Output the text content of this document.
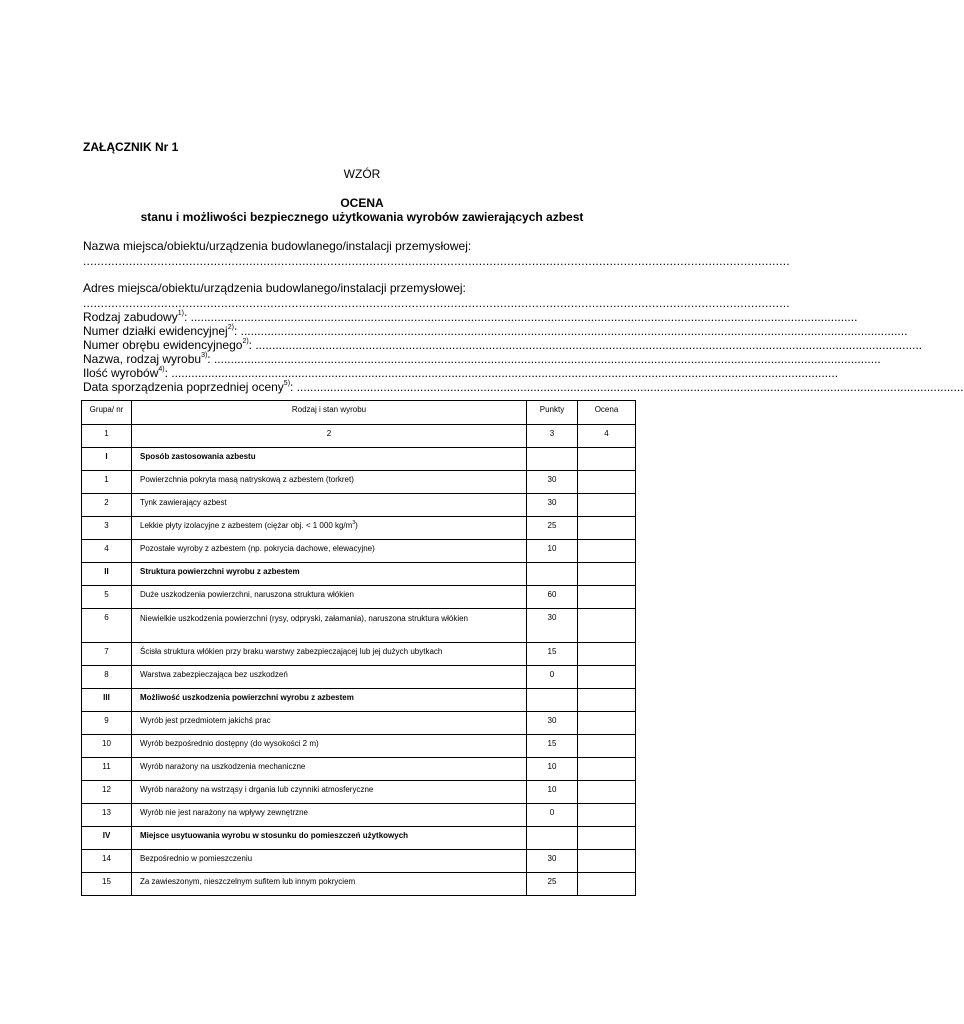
ZAŁĄCZNIK Nr 1
WZÓR
OCENA
stanu i możliwości bezpiecznego użytkowania wyrobów zawierających azbest
Nazwa miejsca/obiektu/urządzenia budowlanego/instalacji przemysłowej:
........................................................................................................................................................................................................
Adres miejsca/obiektu/urządzenia budowlanego/instalacji przemysłowej:
........................................................................................................................................................................................................
Rodzaj zabudowy$^{1)}$: ........................................................................................................................................................................................................
Numer działki ewidencyjnej$^{2)}$: ........................................................................................................................................................................................................
Numer obrębu ewidencyjnego$^{2)}$: ........................................................................................................................................................................................................
Nazwa, rodzaj wyrobu$^{3)}$: ........................................................................................................................................................................................................
Ilość wyrobów$^{4)}$: ........................................................................................................................................................................................................
Data sporządzenia poprzedniej oceny$^{5)}$: ........................................................................................................................................................................................................
Grupa/ nr	Rodzaj i stan wyrobu	Punkty	Ocena

1	2	3	4

I	Sposób zastosowania azbestu		

1	Powierzchnia pokryta masą natryskową z azbestem (torkret)	30	

2	Tynk zawierający azbest	30	

3	Lekkie płyty izolacyjne z azbestem (ciężar obj. < 1 000 $kg/m^3$)	25	

4	Pozostałe wyroby z azbestem (np. pokrycia dachowe, elewacyjne)	10	

II	Struktura powierzchni wyrobu z azbestem		

5	Duże uszkodzenia powierzchni, naruszona struktura włókien	60	

6	Niewielkie uszkodzenia powierzchni (rysy, odpryski, załamania), naruszona struktura włókien	30	

7	Ścisła struktura włókien przy braku warstwy zabezpieczającej lub jej dużych ubytkach	15	

8	Warstwa zabezpieczająca bez uszkodzeń	0	

III	Możliwość uszkodzenia powierzchni wyrobu z azbestem		

9	Wyrób jest przedmiotem jakichś prac	30	

10	Wyrób bezpośrednio dostępny (do wysokości 2 m)	15	

11	Wyrób narażony na uszkodzenia mechaniczne	10	

12	Wyrób narażony na wstrząsy i drgania lub czynniki atmosferyczne	10	

13	Wyrób nie jest narażony na wpływy zewnętrzne	0	

IV	Miejsce usytuowania wyrobu w stosunku do pomieszczeń użytkowych		

14	Bezpośrednio w pomieszczeniu	30	

15	Za zawieszonym, nieszczelnym sufitem lub innym pokryciem	25	
